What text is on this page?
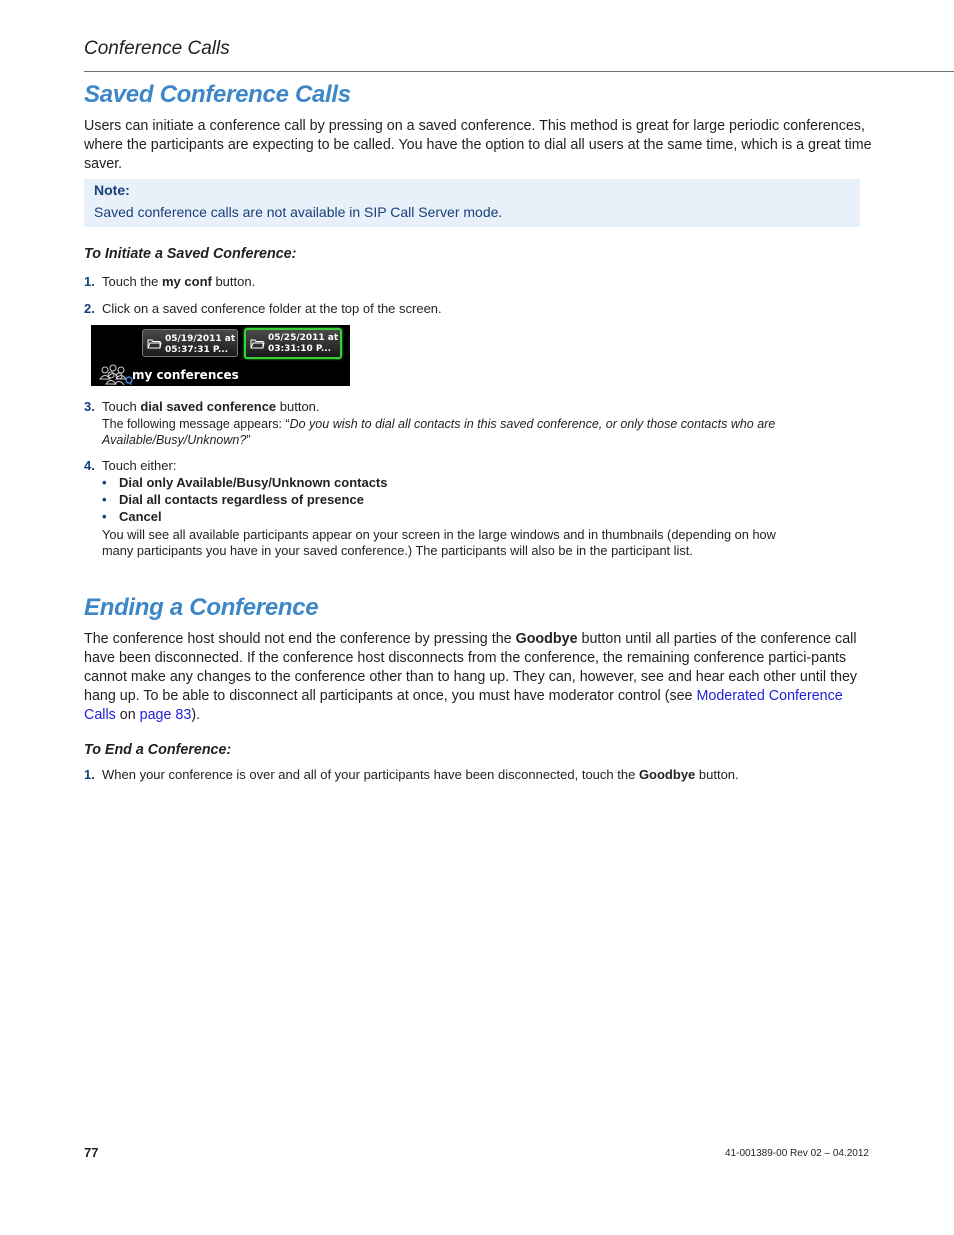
Conference Calls
Saved Conference Calls
Users can initiate a conference call by pressing on a saved conference. This method is great for large periodic conferences, where the participants are expecting to be called. You have the option to dial all users at the same time, which is a great time saver.
Note:
Saved conference calls are not available in SIP Call Server mode.
To Initiate a Saved Conference:
1. Touch the my conf button.
2. Click on a saved conference folder at the top of the screen.
05/19/2011 at
05:37:31 P...
05/25/2011 at
03:31:10 P...
my conferences
3. Touch dial saved conference button.
The following message appears: “Do you wish to dial all contacts in this saved conference, or only those contacts who are Available/Busy/Unknown?”
4. Touch either:
• Dial only Available/Busy/Unknown contacts
• Dial all contacts regardless of presence
• Cancel
You will see all available participants appear on your screen in the large windows and in thumbnails (depending on how many participants you have in your saved conference.) The participants will also be in the participant list.
Ending a Conference
The conference host should not end the conference by pressing the Goodbye button until all parties of the conference call have been disconnected. If the conference host disconnects from the conference, the remaining conference partici-pants cannot make any changes to the conference other than to hang up. They can, however, see and hear each other until they hang up. To be able to disconnect all participants at once, you must have moderator control (see Moderated Conference Calls on page 83).
To End a Conference:
1. When your conference is over and all of your participants have been disconnected, touch the Goodbye button.
77	41-001389-00 Rev 02 – 04.2012
